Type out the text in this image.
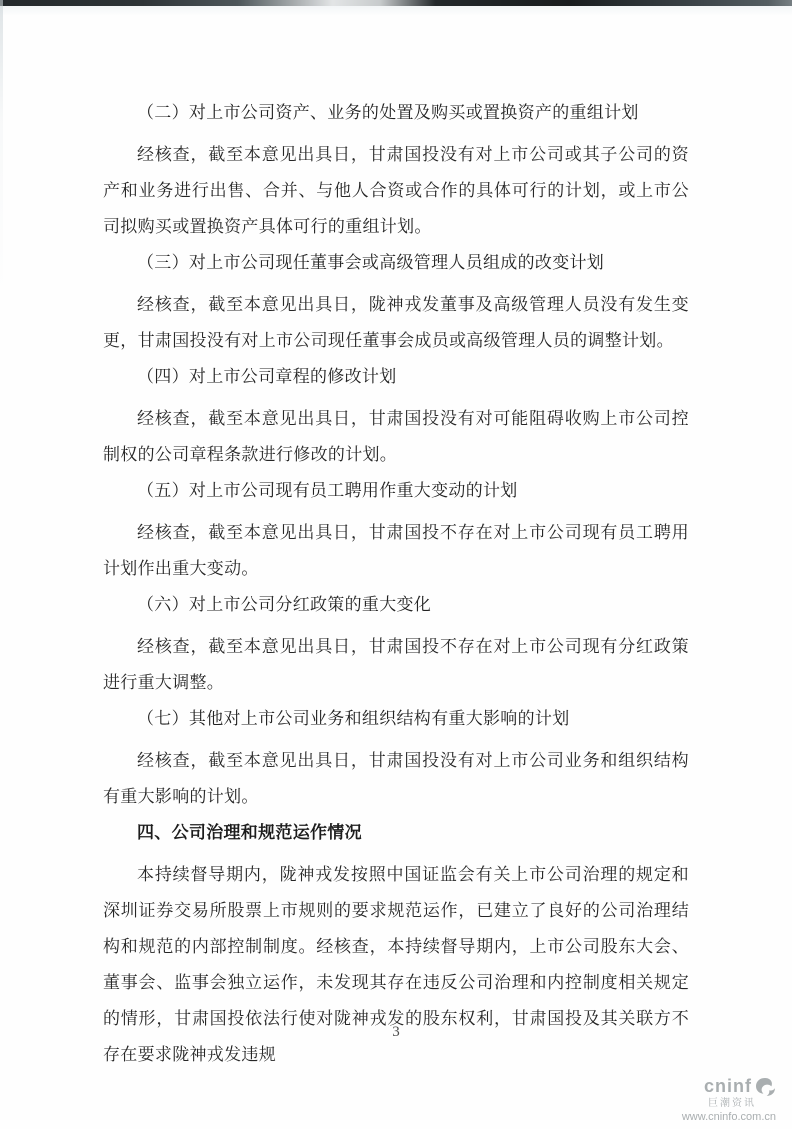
（二）对上市公司资产、业务的处置及购买或置换资产的重组计划

经核查，截至本意见出具日，甘肃国投没有对上市公司或其子公司的资产和业务进行出售、合并、与他人合资或合作的具体可行的计划，或上市公司拟购买或置换资产具体可行的重组计划。

（三）对上市公司现任董事会或高级管理人员组成的改变计划

经核查，截至本意见出具日，陇神戎发董事及高级管理人员没有发生变更，甘肃国投没有对上市公司现任董事会成员或高级管理人员的调整计划。

（四）对上市公司章程的修改计划

经核查，截至本意见出具日，甘肃国投没有对可能阻碍收购上市公司控制权的公司章程条款进行修改的计划。

（五）对上市公司现有员工聘用作重大变动的计划

经核查，截至本意见出具日，甘肃国投不存在对上市公司现有员工聘用计划作出重大变动。

（六）对上市公司分红政策的重大变化

经核查，截至本意见出具日，甘肃国投不存在对上市公司现有分红政策进行重大调整。

（七）其他对上市公司业务和组织结构有重大影响的计划

经核查，截至本意见出具日，甘肃国投没有对上市公司业务和组织结构有重大影响的计划。

四、公司治理和规范运作情况

本持续督导期内，陇神戎发按照中国证监会有关上市公司治理的规定和深圳证券交易所股票上市规则的要求规范运作，已建立了良好的公司治理结构和规范的内部控制制度。经核查，本持续督导期内，上市公司股东大会、董事会、监事会独立运作，未发现其存在违反公司治理和内控制度相关规定的情形，甘肃国投依法行使对陇神戎发的股东权利，甘肃国投及其关联方不存在要求陇神戎发违规

3
cninf
巨潮资讯
www.cninfo.com.cn
